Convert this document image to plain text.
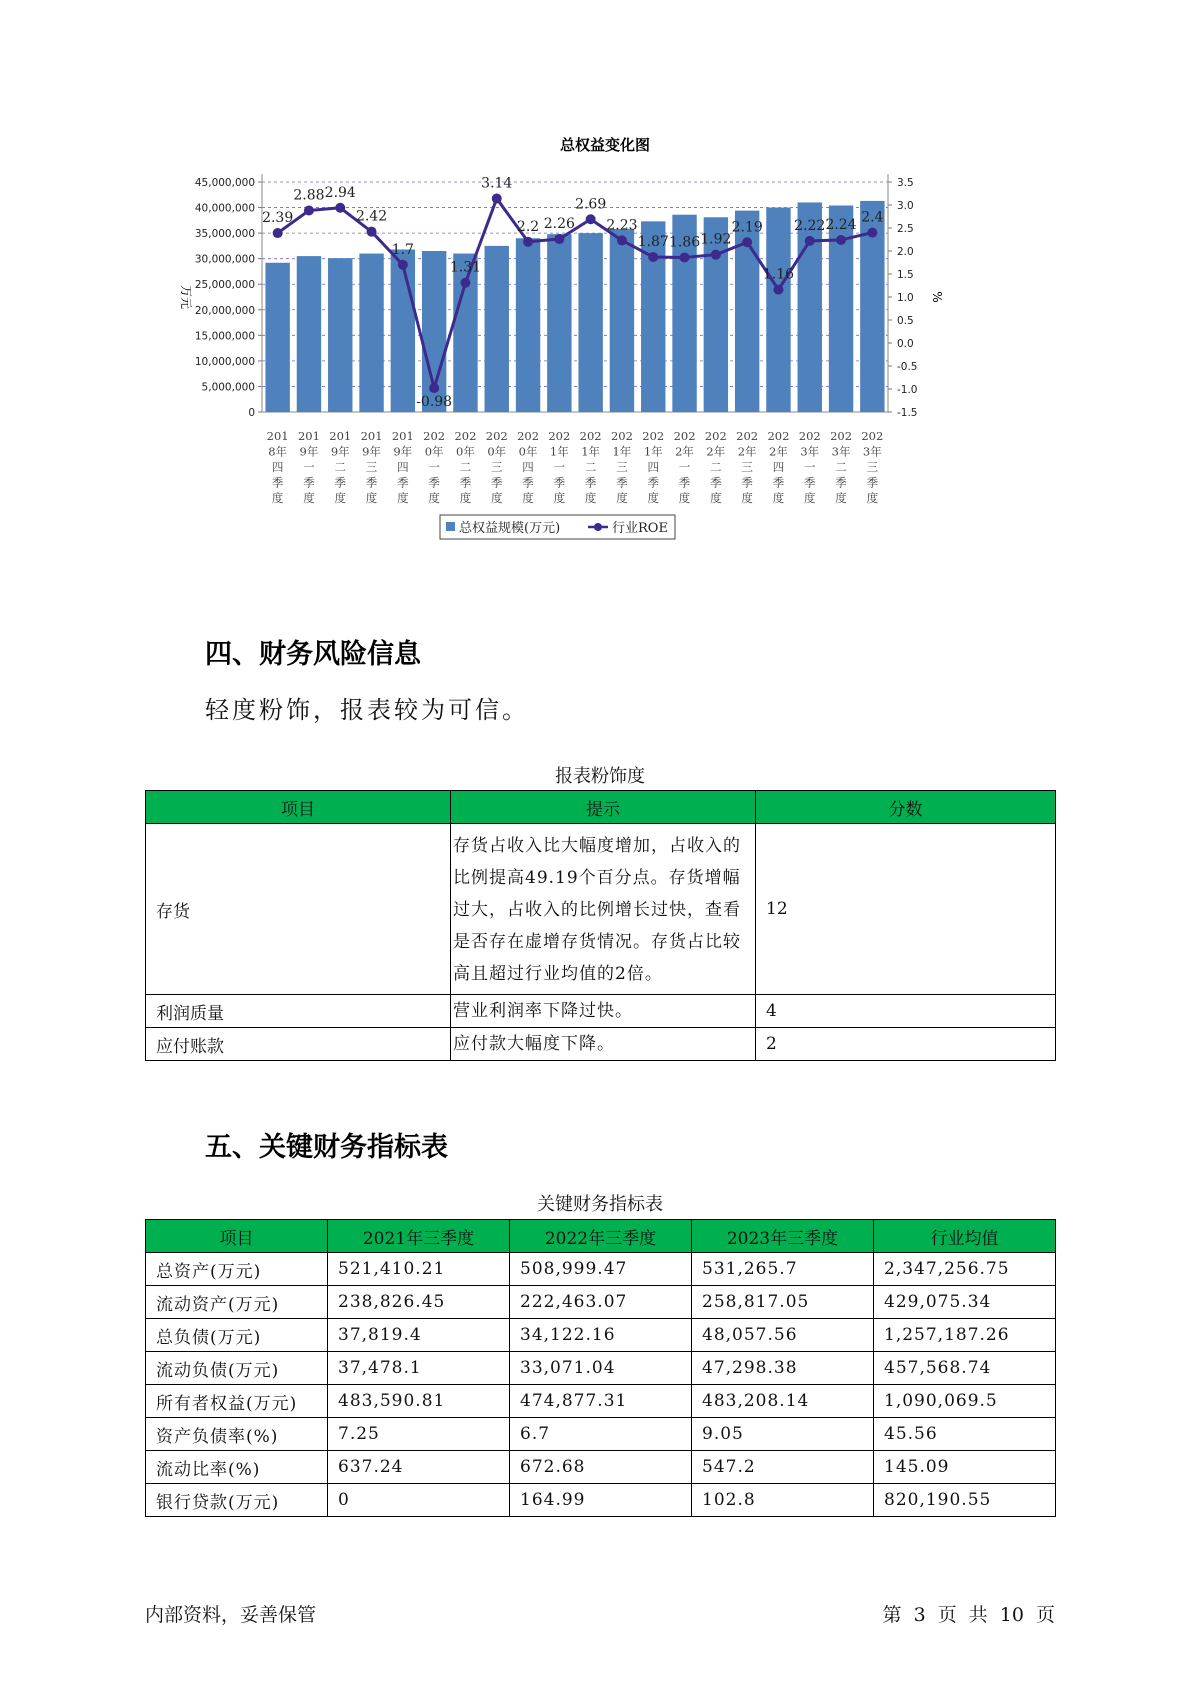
总权益变化图
0
5,000,000
10,000,000
15,000,000
20,000,000
25,000,000
30,000,000
35,000,000
40,000,000
45,000,000
-1.5
-1.0
-0.5
0.0
0.5
1.0
1.5
2.0
2.5
3.0
3.5
万元	%
201
8年
四
季
度
201
9年
一
季
度
201
9年
二
季
度
201
9年
三
季
度
201
9年
四
季
度
202
0年
一
季
度
202
0年
二
季
度
202
0年
三
季
度
202
0年
四
季
度
202
1年
一
季
度
202
1年
二
季
度
202
1年
三
季
度
202
1年
四
季
度
202
2年
一
季
度
202
2年
二
季
度
202
2年
三
季
度
202
2年
四
季
度
202
3年
一
季
度
202
3年
二
季
度
202
3年
三
季
度
2.39
2.88 2.94
2.42
1.7
-0.98
1.31
3.14
2.2 2.26
2.69
2.23
1.87 1.86 1.92
2.19
1.16
2.22 2.24 2.4
总权益规模(万元)	行业ROE
四、财务风险信息

轻度粉饰，报表较为可信。

报表粉饰度

项目	提示	分数
存货	存货占收入比大幅度增加，占收入的比例提高49.19个百分点。存货增幅过大，占收入的比例增长过快，查看是否存在虚增存货情况。存货占比较高且超过行业均值的2倍。	12
利润质量	营业利润率下降过快。	4
应付账款	应付款大幅度下降。	2
五、关键财务指标表

关键财务指标表

项目	2021年三季度	2022年三季度	2023年三季度	行业均值
总资产(万元)	521,410.21	508,999.47	531,265.7	2,347,256.75
流动资产(万元)	238,826.45	222,463.07	258,817.05	429,075.34
总负债(万元)	37,819.4	34,122.16	48,057.56	1,257,187.26
流动负债(万元)	37,478.1	33,071.04	47,298.38	457,568.74
所有者权益(万元)	483,590.81	474,877.31	483,208.14	1,090,069.5
资产负债率(%)	7.25	6.7	9.05	45.56
流动比率(%)	637.24	672.68	547.2	145.09
银行贷款(万元)	0	164.99	102.8	820,190.55

内部资料，妥善保管	第 3 页 共 10 页
